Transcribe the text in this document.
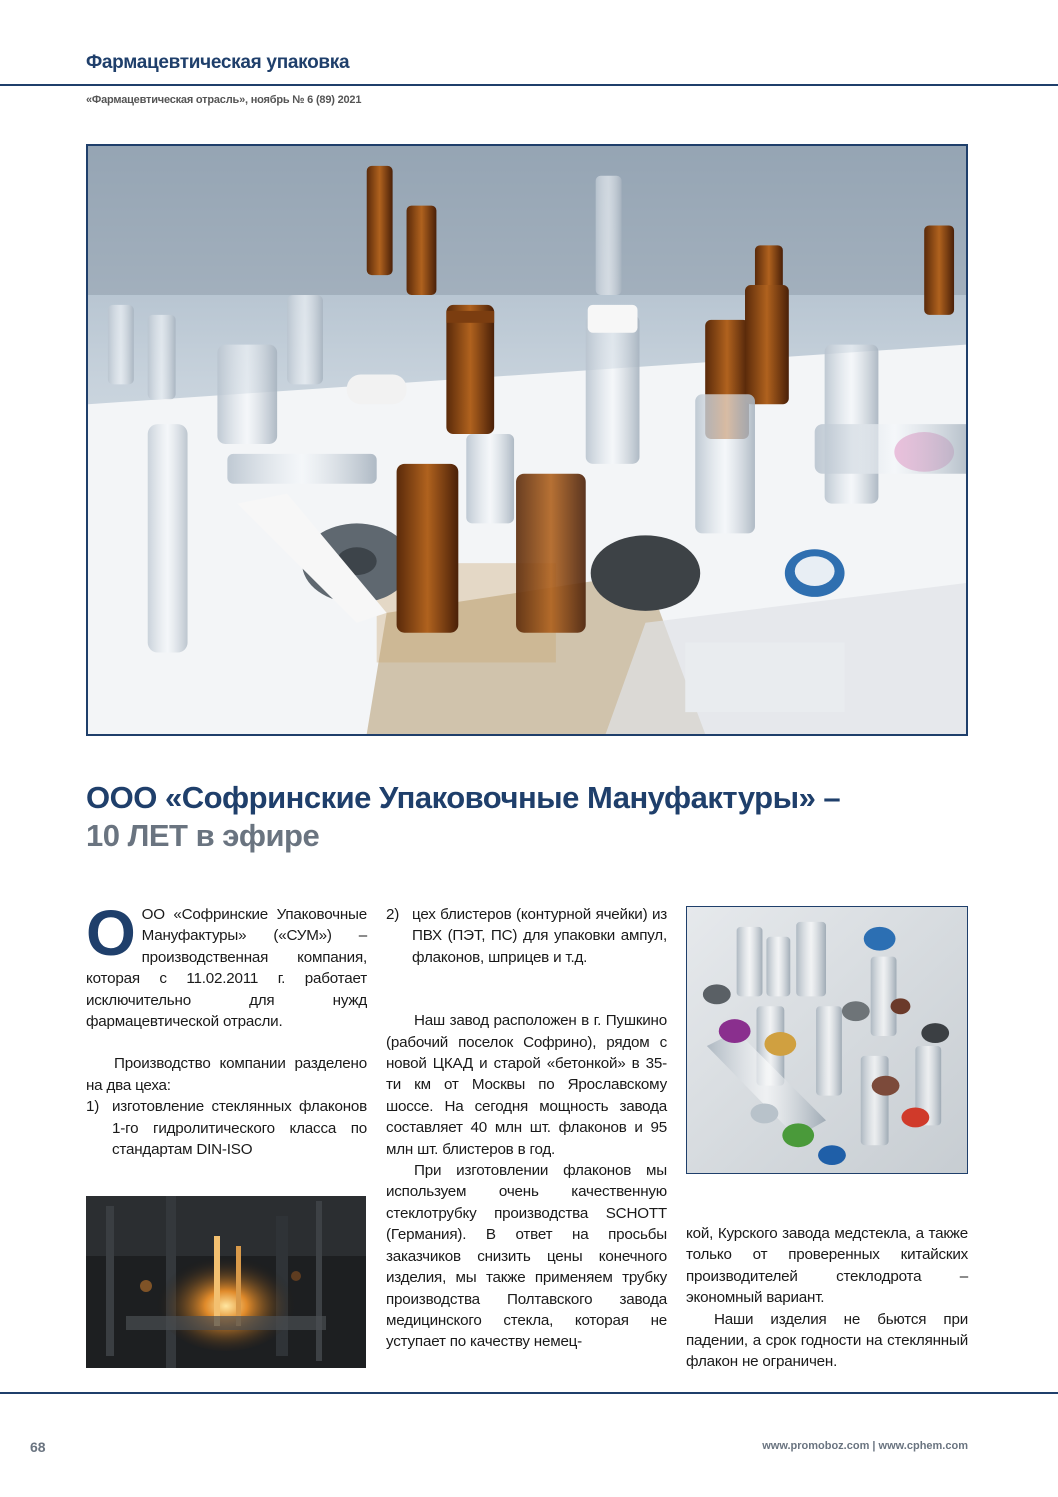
Фармацевтическая упаковка
«Фармацевтическая отрасль», ноябрь № 6 (89) 2021
ООО «Софринские Упаковочные Мануфактуры» –
10 ЛЕТ в эфире

ООО «Софринские Упаковочные Мануфактуры» («СУМ») – производственная компания, которая с 11.02.2011 г. работает исключительно для нужд фармацевтической отрасли.

Производство компании разделено на два цеха:

1) изготовление стеклянных флаконов 1-го гидролитического класса по стандартам DIN-ISO
2) цех блистеров (контурной ячейки) из ПВХ (ПЭТ, ПС) для упаковки ампул, флаконов, шприцев и т.д.

Наш завод расположен в г. Пушкино (рабочий поселок Софрино), рядом с новой ЦКАД и старой «бетонкой» в 35-ти км от Москвы по Ярославскому шоссе. На сегодня мощность завода составляет 40 млн шт. флаконов и 95 млн шт. блистеров в год.

При изготовлении флаконов мы используем очень качественную стеклотрубку производства SCHOTT (Германия). В ответ на просьбы заказчиков снизить цены конечного изделия, мы также применяем трубку производства Полтавского завода медицинского стекла, которая не уступает по качеству немец-

кой, Курского завода медстекла, а также только от проверенных китайских производителей стеклодрота – экономный вариант.

Наши изделия не бьются при падении, а срок годности на стеклянный флакон не ограничен.

68	www.promoboz.com | www.cphem.com
